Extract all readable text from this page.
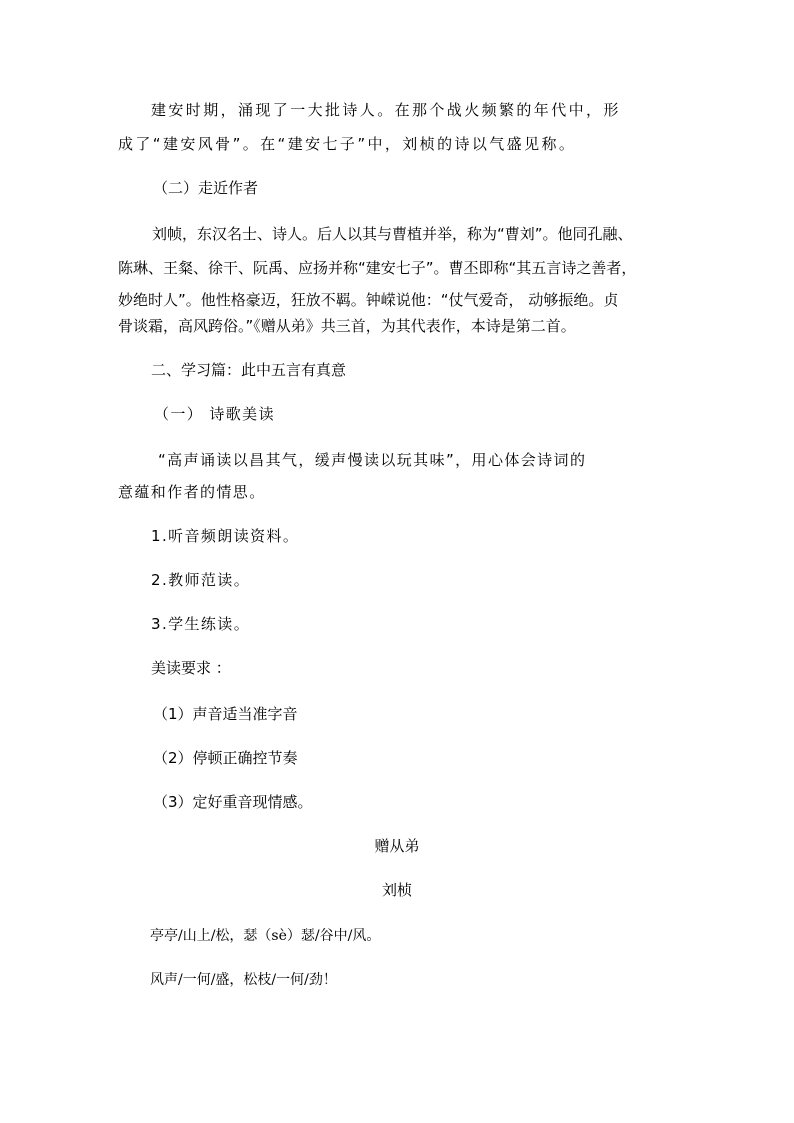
建安时期，涌现了一大批诗人。在那个战火频繁的年代中，形
成了“建安风骨”。在“建安七子”中，刘桢的诗以气盛见称。
（二）走近作者
刘帧，东汉名士、诗人。后人以其与曹植并举，称为“曹刘”。他同孔融、
陈琳、王粲、徐干、阮禹、应扬并称“建安七子”。曹丕即称“其五言诗之善者，
妙绝时人”。他性格豪迈，狂放不羁。钟嵘说他：“仗气爱奇， 动够振绝。贞
骨谈霜，高风跨俗。”《赠从弟》共三首，为其代表作，本诗是第二首。
二、学习篇：此中五言有真意
（一） 诗歌美读
“高声诵读以昌其气，缓声慢读以玩其味”，用心体会诗词的
意蕴和作者的情思。
1.听音频朗读资料。
2.教师范读。
3.学生练读。
美读要求 ：
（1）声音适当准字音
（2）停顿正确控节奏
（3）定好重音现情感。
赠从弟
刘桢
亭亭/山上/松，瑟（sè）瑟/谷中/风。
风声/一何/盛，松枝/一何/劲！
